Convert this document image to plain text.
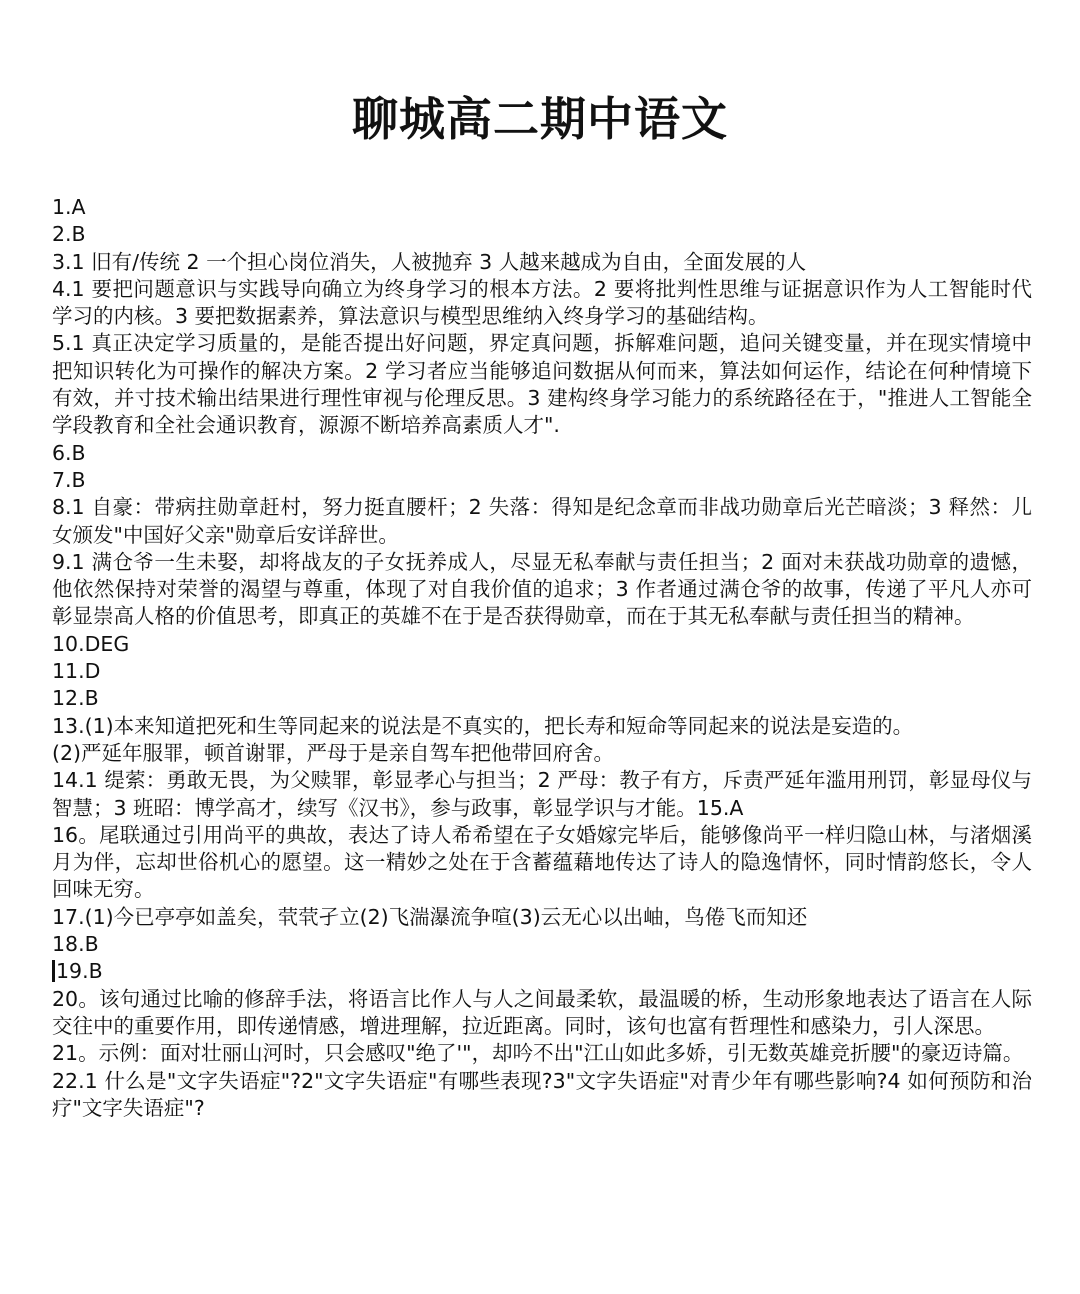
聊城高二期中语文

1.A

2.B

3.1 旧有/传统 2 一个担心岗位消失，人被抛弃 3 人越来越成为自由，全面发展的人

4.1 要把问题意识与实践导向确立为终身学习的根本方法。2 要将批判性思维与证据意识作为人工智能时代学习的内核。3 要把数据素养，算法意识与模型思维纳入终身学习的基础结构。

5.1 真正决定学习质量的，是能否提出好问题，界定真问题，拆解难问题，追问关键变量，并在现实情境中把知识转化为可操作的解决方案。2 学习者应当能够追问数据从何而来，算法如何运作，结论在何种情境下有效，并寸技术输出结果进行理性审视与伦理反思。3 建构终身学习能力的系统路径在于，"推进人工智能全学段教育和全社会通识教育，源源不断培养高素质人才".

6.B

7.B

8.1 自豪：带病拄勋章赶村，努力挺直腰杆；2 失落：得知是纪念章而非战功勋章后光芒暗淡；3 释然：儿女颁发"中国好父亲"勋章后安详辞世。

9.1 满仓爷一生未娶，却将战友的子女抚养成人，尽显无私奉献与责任担当；2 面对未获战功勋章的遗憾，他依然保持对荣誉的渴望与尊重，体现了对自我价值的追求；3 作者通过满仓爷的故事，传递了平凡人亦可彰显崇高人格的价值思考，即真正的英雄不在于是否获得勋章，而在于其无私奉献与责任担当的精神。

10.DEG

11.D

12.B

13.(1)本来知道把死和生等同起来的说法是不真实的，把长寿和短命等同起来的说法是妄造的。

(2)严延年服罪，顿首谢罪，严母于是亲自驾车把他带回府舍。

14.1 缇萦：勇敢无畏，为父赎罪，彰显孝心与担当；2 严母：教子有方，斥责严延年滥用刑罚，彰显母仪与智慧；3 班昭：博学高才，续写《汉书》，参与政事，彰显学识与才能。15.A

16。尾联通过引用尚平的典故，表达了诗人希希望在子女婚嫁完毕后，能够像尚平一样归隐山林，与渚烟溪月为伴，忘却世俗机心的愿望。这一精妙之处在于含蓄蕴藉地传达了诗人的隐逸情怀，同时情韵悠长，令人回味无穷。

17.(1)今已亭亭如盖矣，茕茕孑立(2)飞湍瀑流争喧(3)云无心以出岫，鸟倦飞而知还

18.B

19.B

20。该句通过比喻的修辞手法，将语言比作人与人之间最柔软，最温暖的桥，生动形象地表达了语言在人际交往中的重要作用，即传递情感，增进理解，拉近距离。同时，该句也富有哲理性和感染力，引人深思。

21。示例：面对壮丽山河时，只会感叹"绝了'"，却吟不出"江山如此多娇，引无数英雄竞折腰"的豪迈诗篇。

22.1 什么是"文字失语症"?2"文字失语症"有哪些表现?3"文字失语症"对青少年有哪些影响?4 如何预防和治疗"文字失语症"?
